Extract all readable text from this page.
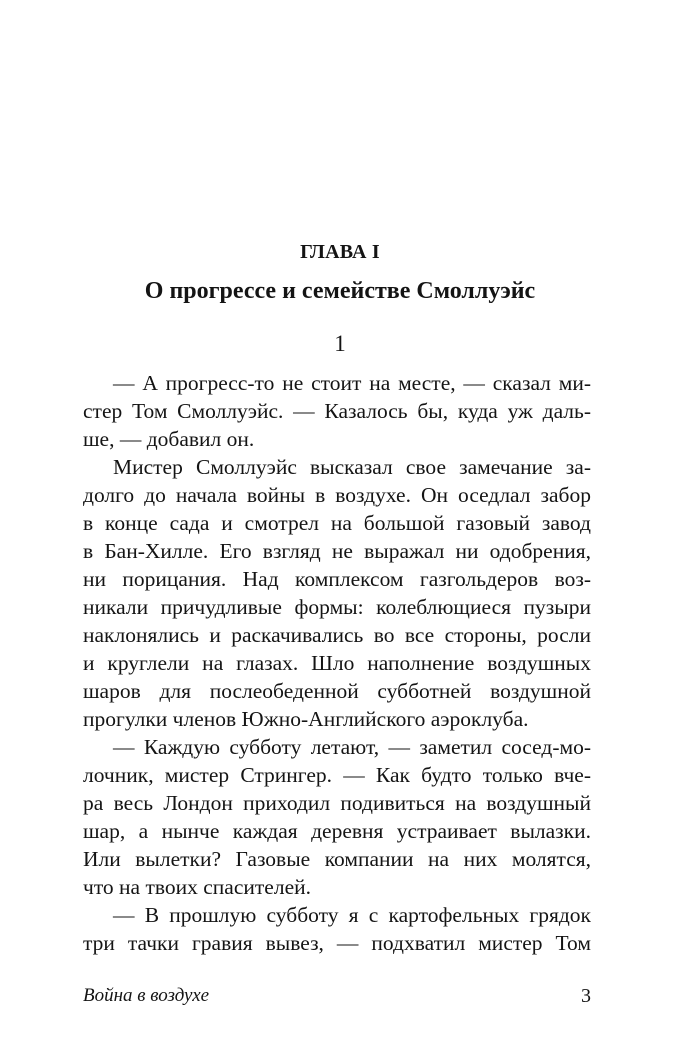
ГЛАВА I
О прогрессе и семействе Смоллуэйс
1
— А прогресс-то не стоит на месте, — сказал ми-
стер Том Смоллуэйс. — Казалось бы, куда уж даль-
ше, — добавил он.
Мистер Смоллуэйс высказал свое замечание за-
долго до начала войны в воздухе. Он оседлал забор
в конце сада и смотрел на большой газовый завод
в Бан-Хилле. Его взгляд не выражал ни одобрения,
ни порицания. Над комплексом газгольдеров воз-
никали причудливые формы: колеблющиеся пузыри
наклонялись и раскачивались во все стороны, росли
и круглели на глазах. Шло наполнение воздушных
шаров для послеобеденной субботней воздушной
прогулки членов Южно-Английского аэроклуба.
— Каждую субботу летают, — заметил сосед-мо-
лочник, мистер Стрингер. — Как будто только вче-
ра весь Лондон приходил подивиться на воздушный
шар, а нынче каждая деревня устраивает вылазки.
Или вылетки? Газовые компании на них молятся,
что на твоих спасителей.
— В прошлую субботу я с картофельных грядок
три тачки гравия вывез, — подхватил мистер Том
Война в воздухе	3
